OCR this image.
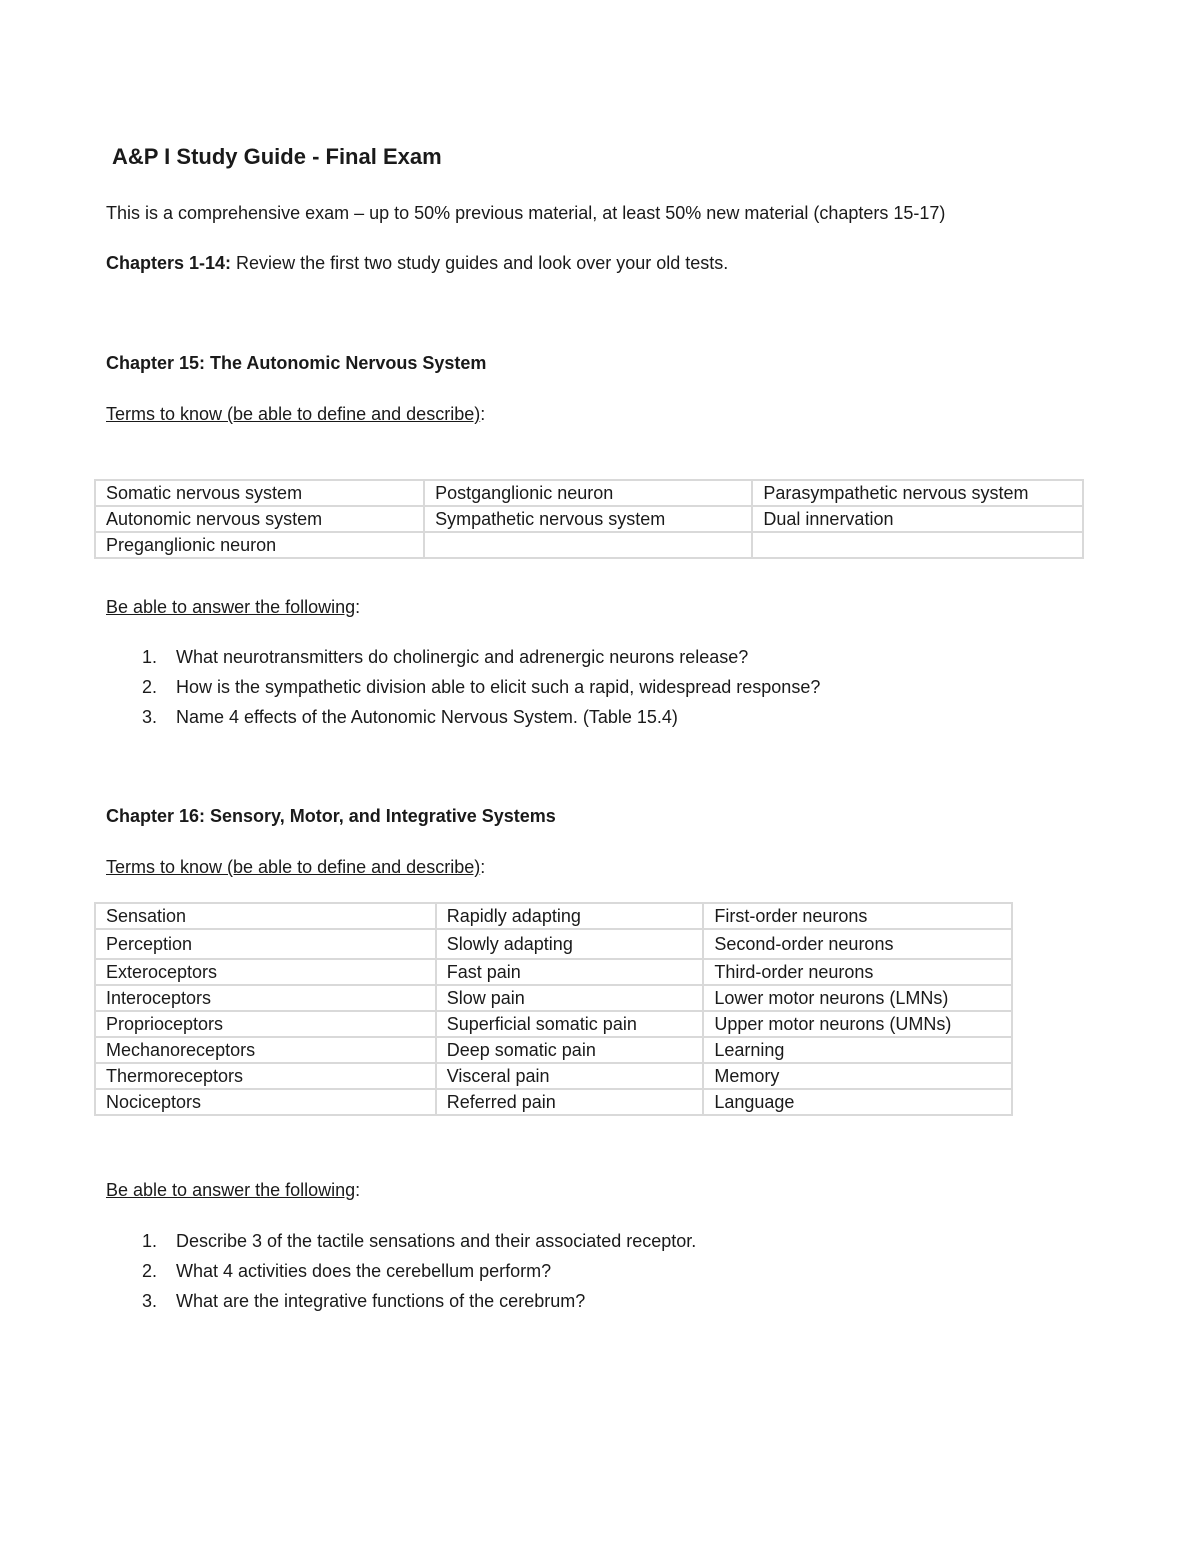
A&P I Study Guide - Final Exam
This is a comprehensive exam – up to 50% previous material, at least 50% new material (chapters 15-17)
Chapters 1-14: Review the first two study guides and look over your old tests.
Chapter 15: The Autonomic Nervous System
Terms to know (be able to define and describe):
Somatic nervous system	Postganglionic neuron	Parasympathetic nervous system
Autonomic nervous system	Sympathetic nervous system	Dual innervation
Preganglionic neuron		
Be able to answer the following:
1. What neurotransmitters do cholinergic and adrenergic neurons release?
2. How is the sympathetic division able to elicit such a rapid, widespread response?
3. Name 4 effects of the Autonomic Nervous System. (Table 15.4)
Chapter 16: Sensory, Motor, and Integrative Systems
Terms to know (be able to define and describe):
Sensation	Rapidly adapting	First-order neurons
Perception	Slowly adapting	Second-order neurons
Exteroceptors	Fast pain	Third-order neurons
Interoceptors	Slow pain	Lower motor neurons (LMNs)
Proprioceptors	Superficial somatic pain	Upper motor neurons (UMNs)
Mechanoreceptors	Deep somatic pain	Learning
Thermoreceptors	Visceral pain	Memory
Nociceptors	Referred pain	Language
Be able to answer the following:
1. Describe 3 of the tactile sensations and their associated receptor.
2. What 4 activities does the cerebellum perform?
3. What are the integrative functions of the cerebrum?
